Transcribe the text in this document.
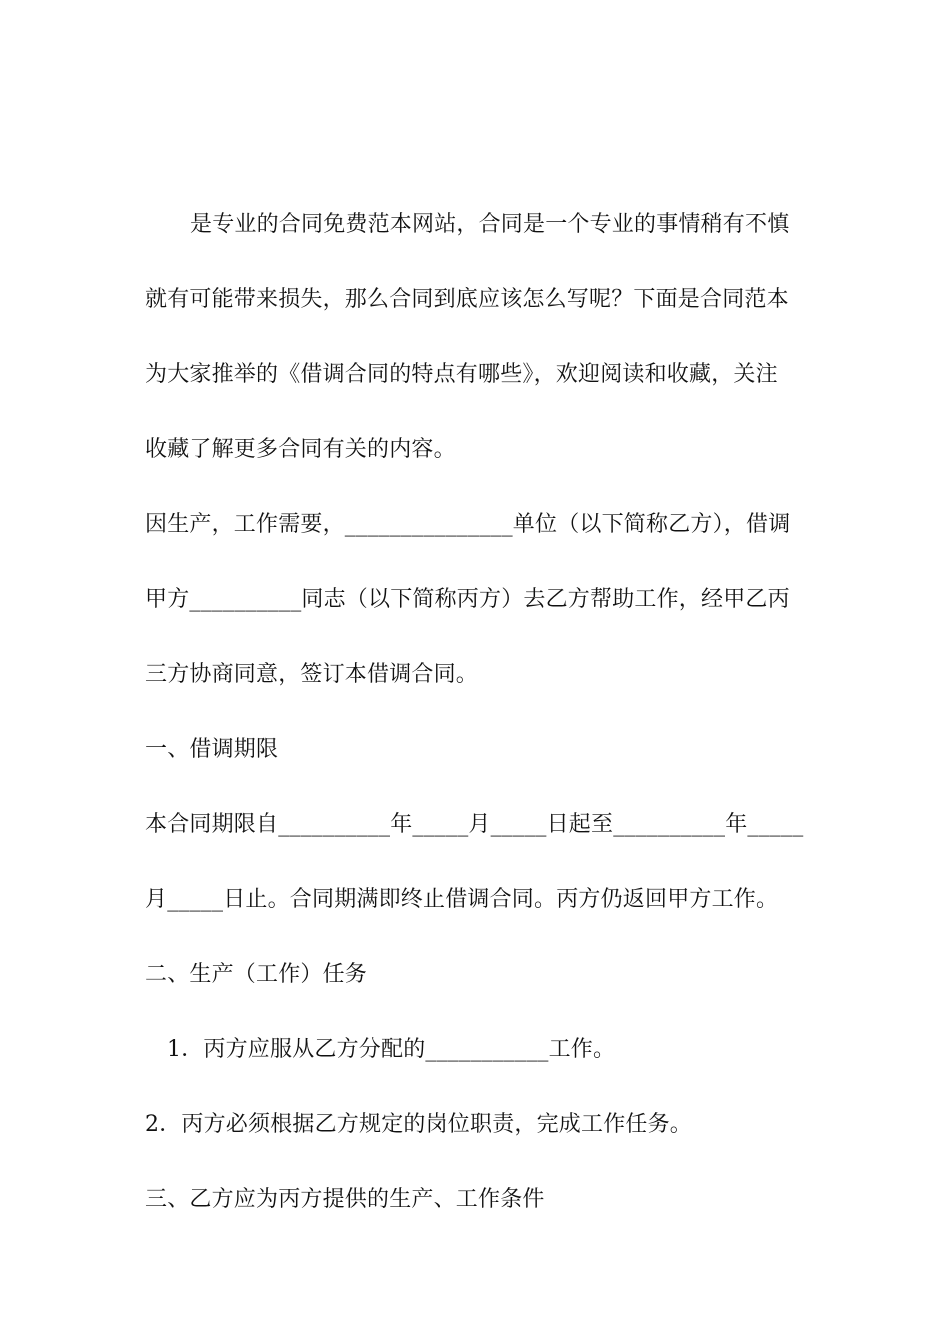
是专业的合同免费范本网站，合同是一个专业的事情稍有不慎
就有可能带来损失，那么合同到底应该怎么写呢？下面是合同范本
为大家推举的《借调合同的特点有哪些》，欢迎阅读和收藏，关注
收藏了解更多合同有关的内容。
因生产，工作需要，_______________单位（以下简称乙方），借调
甲方__________同志（以下简称丙方）去乙方帮助工作，经甲乙丙
三方协商同意，签订本借调合同。
一、借调期限
本合同期限自__________年_____月_____日起至__________年_____
月_____日止。合同期满即终止借调合同。丙方仍返回甲方工作。
二、生产（工作）任务
1．丙方应服从乙方分配的___________工作。
2．丙方必须根据乙方规定的岗位职责，完成工作任务。
三、乙方应为丙方提供的生产、工作条件
